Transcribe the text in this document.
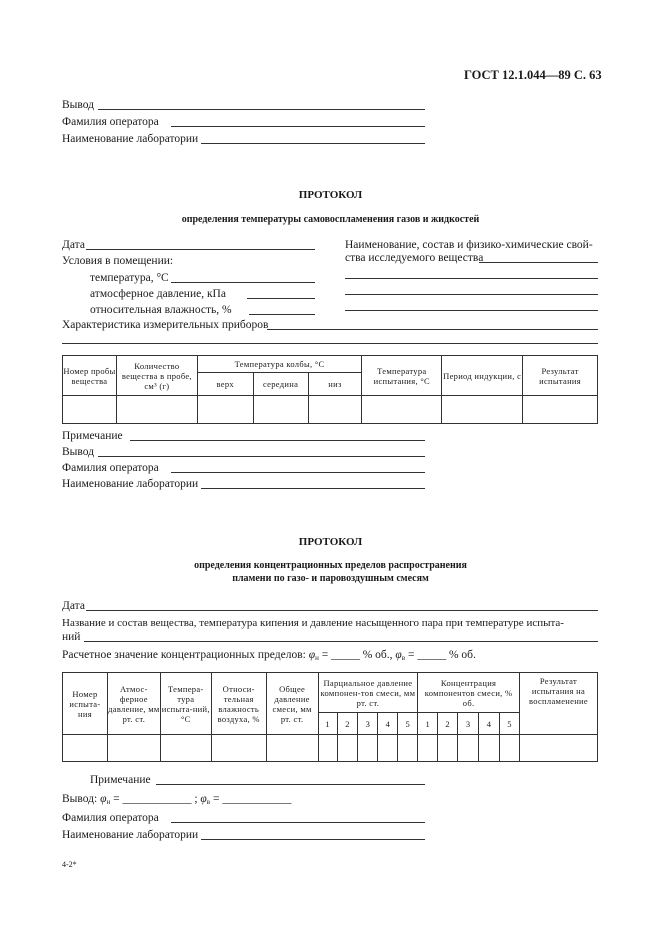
ГОСТ 12.1.044—89 С. 63
Вывод
Фамилия оператора
Наименование лаборатории
ПРОТОКОЛ
определения температуры самовоспламенения газов и жидкостей
Дата
Условия в помещении:
температура, °С
атмосферное давление, кПа
относительная влажность, %
Наименование, состав и физико-химические свой-
ства исследуемого вещества
Характеристика измерительных приборов
Номер пробы вещества	Количество вещества в пробе, см³ (г)	Температура колбы, °С			Температура испытания, °С	Период индукции, с	Результат испытания
		верх	середина	низ			

Примечание
Вывод
Фамилия оператора
Наименование лаборатории
ПРОТОКОЛ
определения концентрационных пределов распространения
пламени по газо- и паровоздушным смесям
Дата
Название и состав вещества, температура кипения и давление насыщенного пара при температуре испыта-
ний
Расчетное значение концентрационных пределов: $\varphi_н$ = _____ % об., $\varphi_в$ = _____ % об.
Номер испыта-ния	Атмос-ферное давление, мм рт. ст.	Темпера-тура испыта-ний, °С	Относи-тельная влажность воздуха, %	Общее давление смеси, мм рт. ст.	Парциальное давление компонен-тов смеси, мм рт. ст.					Концентрация компонентов смеси, % об.					Результат испытания на воспламенение
					1	2	3	4	5	1	2	3	4	5	

Примечание
Вывод: $\varphi_н$ = ____________ ; $\varphi_в$ = ____________
Фамилия оператора
Наименование лаборатории
4-2*
